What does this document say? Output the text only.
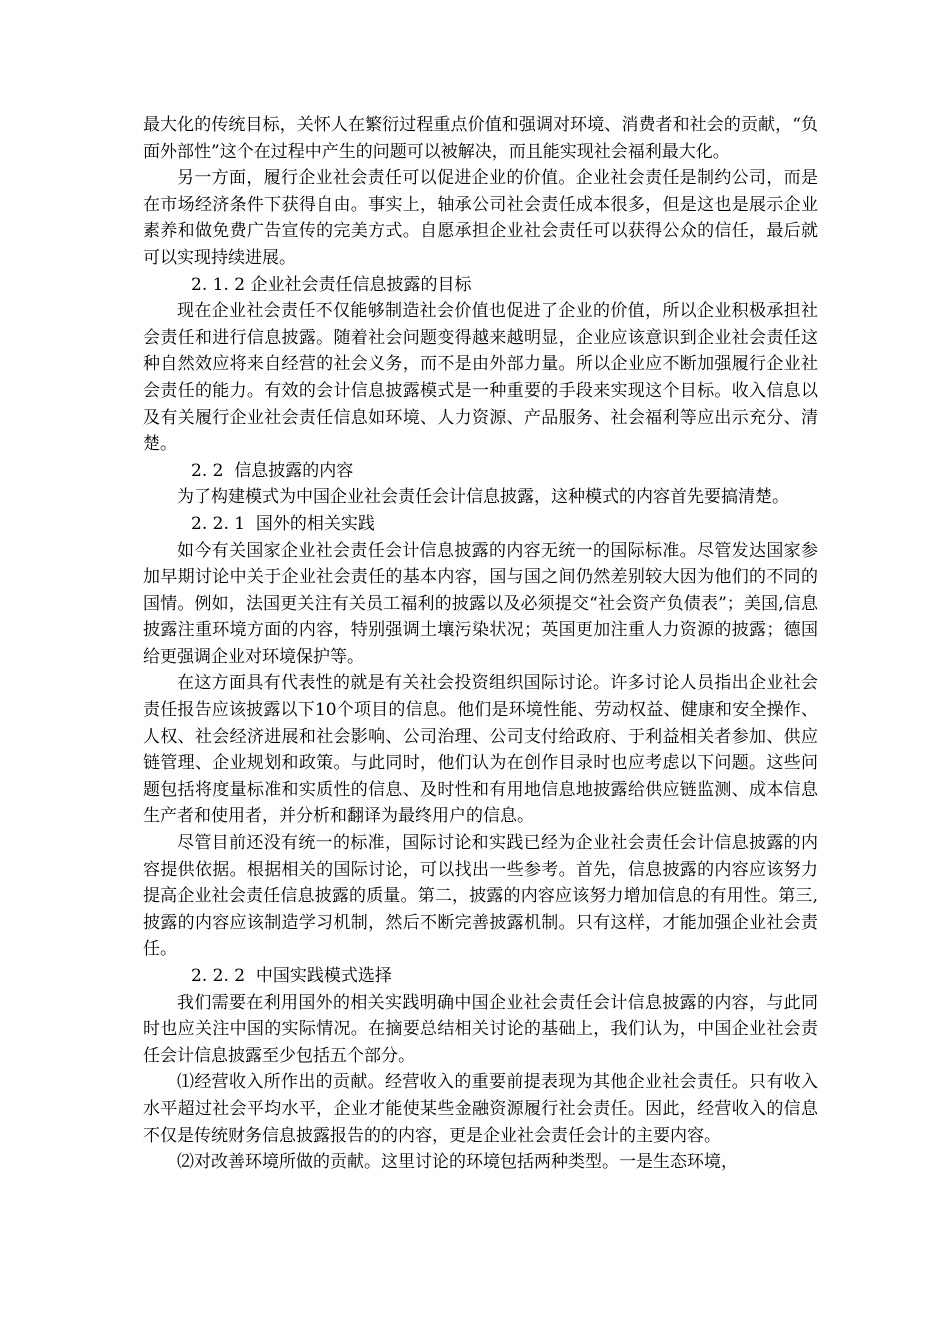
最大化的传统目标，关怀人在繁衍过程重点价值和强调对环境、消费者和社会的贡献，“负面外部性”这个在过程中产生的问题可以被解决，而且能实现社会福利最大化。

另一方面，履行企业社会责任可以促进企业的价值。企业社会责任是制约公司，而是在市场经济条件下获得自由。事实上，轴承公司社会责任成本很多，但是这也是展示企业素养和做免费广告宣传的完美方式。自愿承担企业社会责任可以获得公众的信任，最后就可以实现持续进展。

2. 1. 2 企业社会责任信息披露的目标

现在企业社会责任不仅能够制造社会价值也促进了企业的价值，所以企业积极承担社会责任和进行信息披露。随着社会问题变得越来越明显，企业应该意识到企业社会责任这种自然效应将来自经营的社会义务，而不是由外部力量。所以企业应不断加强履行企业社会责任的能力。有效的会计信息披露模式是一种重要的手段来实现这个目标。收入信息以及有关履行企业社会责任信息如环境、人力资源、产品服务、社会福利等应出示充分、清楚。

2. 2  信息披露的内容

为了构建模式为中国企业社会责任会计信息披露，这种模式的内容首先要搞清楚。

2. 2. 1  国外的相关实践

如今有关国家企业社会责任会计信息披露的内容无统一的国际标准。尽管发达国家参加早期讨论中关于企业社会责任的基本内容，国与国之间仍然差别较大因为他们的不同的国情。例如，法国更关注有关员工福利的披露以及必须提交“社会资产负债表”；美国,信息披露注重环境方面的内容，特别强调土壤污染状况；英国更加注重人力资源的披露；德国给更强调企业对环境保护等。

在这方面具有代表性的就是有关社会投资组织国际讨论。许多讨论人员指出企业社会责任报告应该披露以下10个项目的信息。他们是环境性能、劳动权益、健康和安全操作、人权、社会经济进展和社会影响、公司治理、公司支付给政府、于利益相关者参加、供应链管理、企业规划和政策。与此同时，他们认为在创作目录时也应考虑以下问题。这些问题包括将度量标准和实质性的信息、及时性和有用地信息地披露给供应链监测、成本信息生产者和使用者，并分析和翻译为最终用户的信息。

尽管目前还没有统一的标准，国际讨论和实践已经为企业社会责任会计信息披露的内容提供依据。根据相关的国际讨论，可以找出一些参考。首先，信息披露的内容应该努力提高企业社会责任信息披露的质量。第二，披露的内容应该努力增加信息的有用性。第三,披露的内容应该制造学习机制，然后不断完善披露机制。只有这样，才能加强企业社会责任。

2. 2. 2  中国实践模式选择

我们需要在利用国外的相关实践明确中国企业社会责任会计信息披露的内容，与此同时也应关注中国的实际情况。在摘要总结相关讨论的基础上，我们认为，中国企业社会责任会计信息披露至少包括五个部分。

⑴经营收入所作出的贡献。经营收入的重要前提表现为其他企业社会责任。只有收入水平超过社会平均水平，企业才能使某些金融资源履行社会责任。因此，经营收入的信息不仅是传统财务信息披露报告的的内容，更是企业社会责任会计的主要内容。

⑵对改善环境所做的贡献。这里讨论的环境包括两种类型。一是生态环境，
